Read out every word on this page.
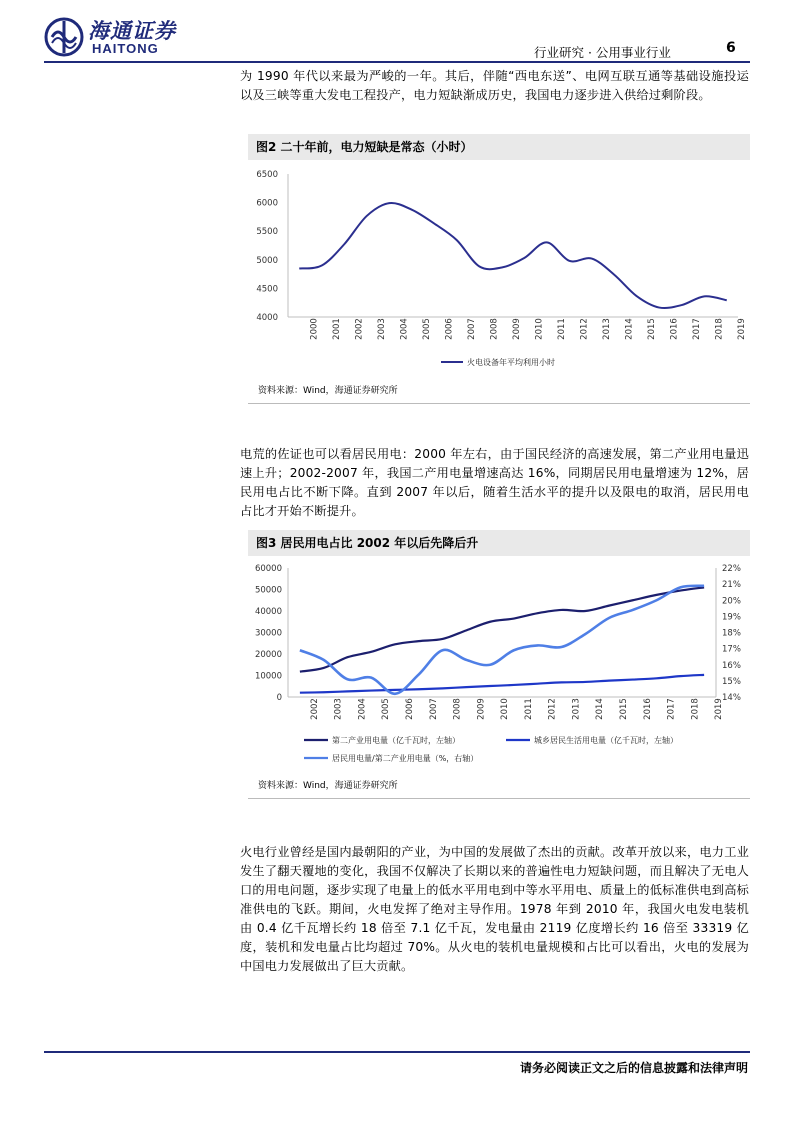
海通证券
HAITONG	行业研究 · 公用事业行业	6
为 1990 年代以来最为严峻的一年。其后，伴随“西电东送”、电网互联互通等基础设施投运以及三峡等重大发电工程投产，电力短缺渐成历史，我国电力逐步进入供给过剩阶段。
图2 二十年前，电力短缺是常态（小时）
4000
4500
5000
5500
6000
6500
2000 2001 2002 2003 2004 2005 2006 2007 2008 2009 2010 2011 2012 2013 2014 2015 2016 2017 2018 2019
火电设备年平均利用小时
资料来源：Wind，海通证券研究所
电荒的佐证也可以看居民用电：2000 年左右，由于国民经济的高速发展，第二产业用电量迅速上升；2002-2007 年，我国二产用电量增速高达 16%，同期居民用电量增速为 12%，居民用电占比不断下降。直到 2007 年以后，随着生活水平的提升以及限电的取消，居民用电占比才开始不断提升。
图3 居民用电占比 2002 年以后先降后升
0
10000
20000
30000
40000
50000
60000
14%
15%
16%
17%
18%
19%
20%
21%
22%
2002 2003 2004 2005 2006 2007 2008 2009 2010 2011 2012 2013 2014 2015 2016 2017 2018 2019
第二产业用电量（亿千瓦时，左轴）	城乡居民生活用电量（亿千瓦时，左轴）
居民用电量/第二产业用电量（%，右轴）
资料来源：Wind，海通证券研究所
火电行业曾经是国内最朝阳的产业，为中国的发展做了杰出的贡献。改革开放以来，电力工业发生了翻天覆地的变化，我国不仅解决了长期以来的普遍性电力短缺问题，而且解决了无电人口的用电问题，逐步实现了电量上的低水平用电到中等水平用电、质量上的低标准供电到高标准供电的飞跃。期间，火电发挥了绝对主导作用。1978 年到 2010 年，我国火电发电装机由 0.4 亿千瓦增长约 18 倍至 7.1 亿千瓦，发电量由 2119 亿度增长约 16 倍至 33319 亿度，装机和发电量占比均超过 70%。从火电的装机电量规模和占比可以看出，火电的发展为中国电力发展做出了巨大贡献。
请务必阅读正文之后的信息披露和法律声明
